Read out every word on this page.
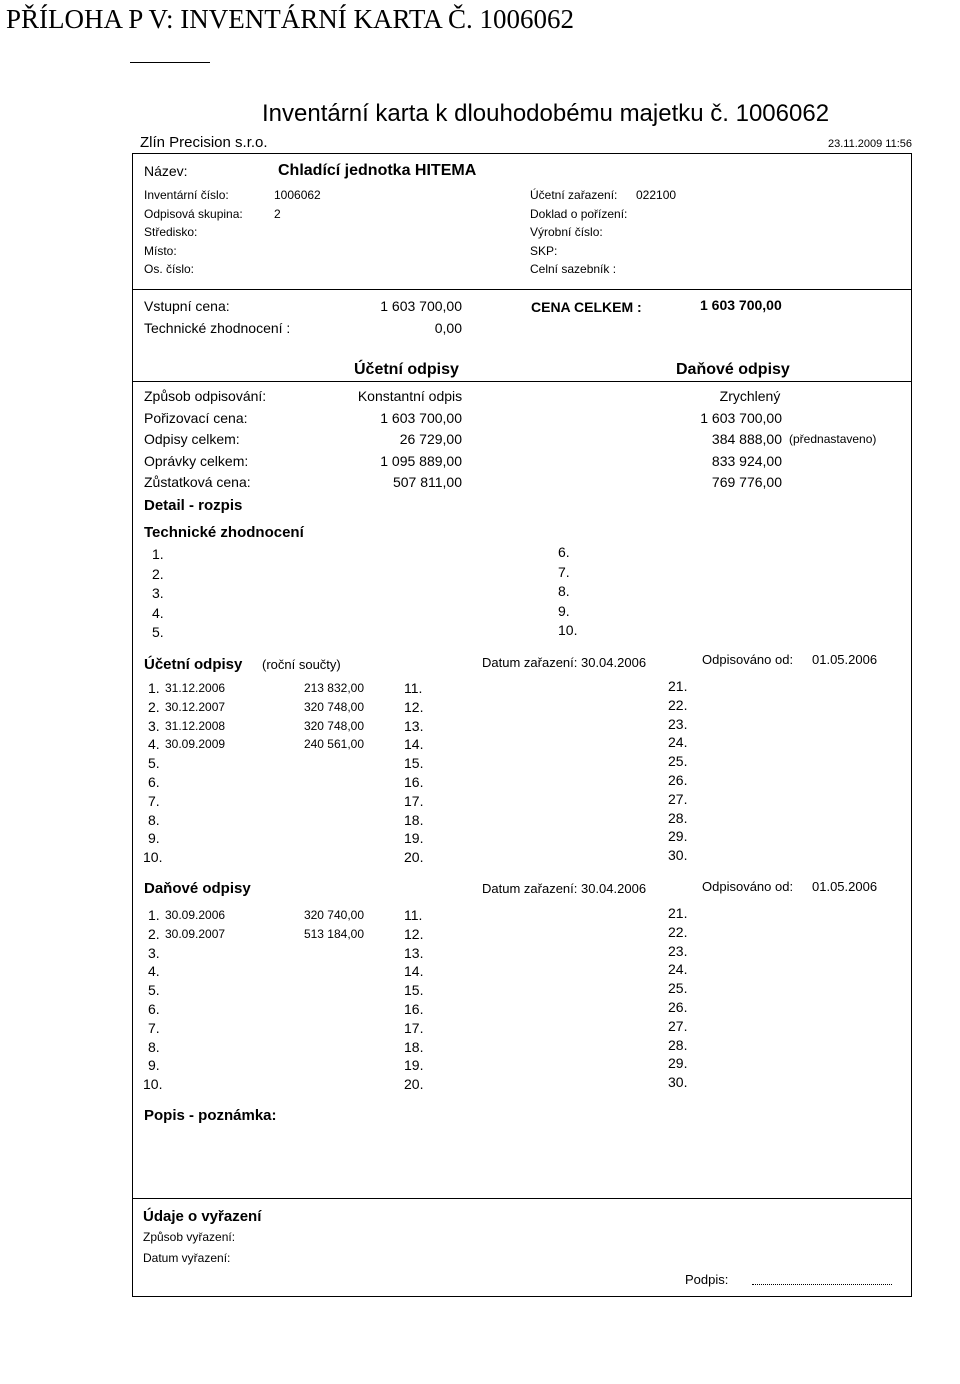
PŘÍLOHA P V: INVENTÁRNÍ KARTA Č. 1006062
Inventární karta k dlouhodobému majetku č. 1006062
Zlín Precision s.r.o.	23.11.2009 11:56
Název:	Chladící jednotka HITEMA
Inventární číslo:	1006062
Odpisová skupina:	2
Středisko:
Místo:
Os. číslo:
Účetní zařazení: 022100
Doklad o pořízení:
Výrobní číslo:
SKP:
Celní sazebník :
Vstupní cena:	1 603 700,00
Technické zhodnocení :	0,00
CENA CELKEM :	1 603 700,00
Účetní odpisy	Daňové odpisy
Způsob odpisování:	Konstantní odpis	Zrychlený
Pořizovací cena:	1 603 700,00	1 603 700,00
Odpisy celkem:	26 729,00	384 888,00 (přednastaveno)
Oprávky celkem:	1 095 889,00	833 924,00
Zůstatková cena:	507 811,00	769 776,00
Detail - rozpis
Technické zhodnocení
1.
2.
3.
4.
5.
6.
7.
8.
9.
10.
Účetní odpisy (roční součty)	Datum zařazení: 30.04.2006	Odpisováno od: 01.05.2006
1. 31.12.2006	213 832,00
2. 30.12.2007	320 748,00
3. 31.12.2008	320 748,00
4. 30.09.2009	240 561,00
5.
6.
7.
8.
9.
10.
11.
12.
13.
14.
15.
16.
17.
18.
19.
20.
21.
22.
23.
24.
25.
26.
27.
28.
29.
30.
Daňové odpisy	Datum zařazení: 30.04.2006	Odpisováno od: 01.05.2006
1. 30.09.2006	320 740,00
2. 30.09.2007	513 184,00
3.
4.
5.
6.
7.
8.
9.
10.
11.
12.
13.
14.
15.
16.
17.
18.
19.
20.
21.
22.
23.
24.
25.
26.
27.
28.
29.
30.
Popis - poznámka:
Údaje o vyřazení
Způsob vyřazení:
Datum vyřazení:
Podpis:
